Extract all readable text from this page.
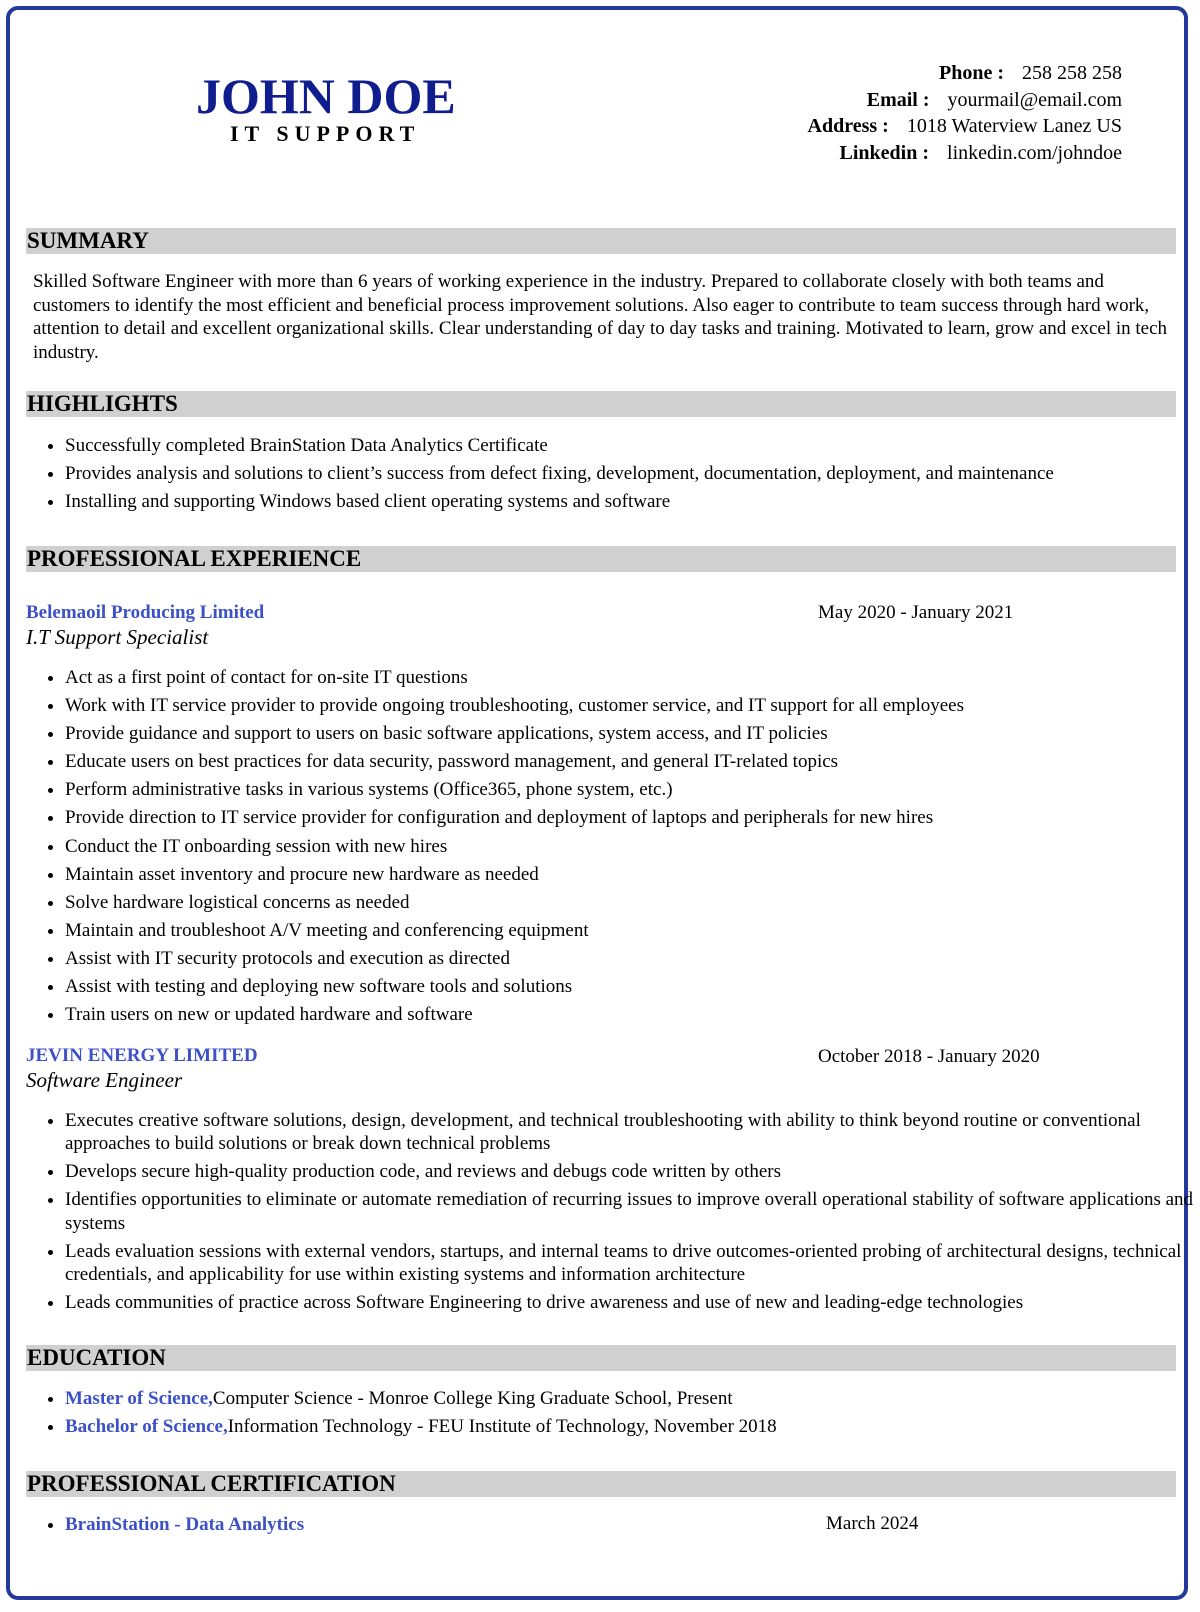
JOHN DOE
IT SUPPORT
Phone : 258 258 258
Email : yourmail@email.com
Address : 1018 Waterview Lanez US
Linkedin : linkedin.com/johndoe
SUMMARY

Skilled Software Engineer with more than 6 years of working experience in the industry. Prepared to collaborate closely with both teams and customers to identify the most efficient and beneficial process improvement solutions. Also eager to contribute to team success through hard work, attention to detail and excellent organizational skills. Clear understanding of day to day tasks and training. Motivated to learn, grow and excel in tech industry.

HIGHLIGHTS
• Successfully completed BrainStation Data Analytics Certificate
• Provides analysis and solutions to client’s success from defect fixing, development, documentation, deployment, and maintenance
• Installing and supporting Windows based client operating systems and software
PROFESSIONAL EXPERIENCE
Belemaoil Producing Limited	May 2020 - January 2021
I.T Support Specialist
• Act as a first point of contact for on-site IT questions
• Work with IT service provider to provide ongoing troubleshooting, customer service, and IT support for all employees
• Provide guidance and support to users on basic software applications, system access, and IT policies
• Educate users on best practices for data security, password management, and general IT-related topics
• Perform administrative tasks in various systems (Office365, phone system, etc.)
• Provide direction to IT service provider for configuration and deployment of laptops and peripherals for new hires
• Conduct the IT onboarding session with new hires
• Maintain asset inventory and procure new hardware as needed
• Solve hardware logistical concerns as needed
• Maintain and troubleshoot A/V meeting and conferencing equipment
• Assist with IT security protocols and execution as directed
• Assist with testing and deploying new software tools and solutions
• Train users on new or updated hardware and software
JEVIN ENERGY LIMITED	October 2018 - January 2020
Software Engineer
• Executes creative software solutions, design, development, and technical troubleshooting with ability to think beyond routine or conventional approaches to build solutions or break down technical problems
• Develops secure high-quality production code, and reviews and debugs code written by others
• Identifies opportunities to eliminate or automate remediation of recurring issues to improve overall operational stability of software applications and systems
• Leads evaluation sessions with external vendors, startups, and internal teams to drive outcomes-oriented probing of architectural designs, technical credentials, and applicability for use within existing systems and information architecture
• Leads communities of practice across Software Engineering to drive awareness and use of new and leading-edge technologies
EDUCATION
• Master of Science,Computer Science - Monroe College King Graduate School, Present
• Bachelor of Science,Information Technology - FEU Institute of Technology, November 2018
PROFESSIONAL CERTIFICATION
• BrainStation - Data Analytics	March 2024
